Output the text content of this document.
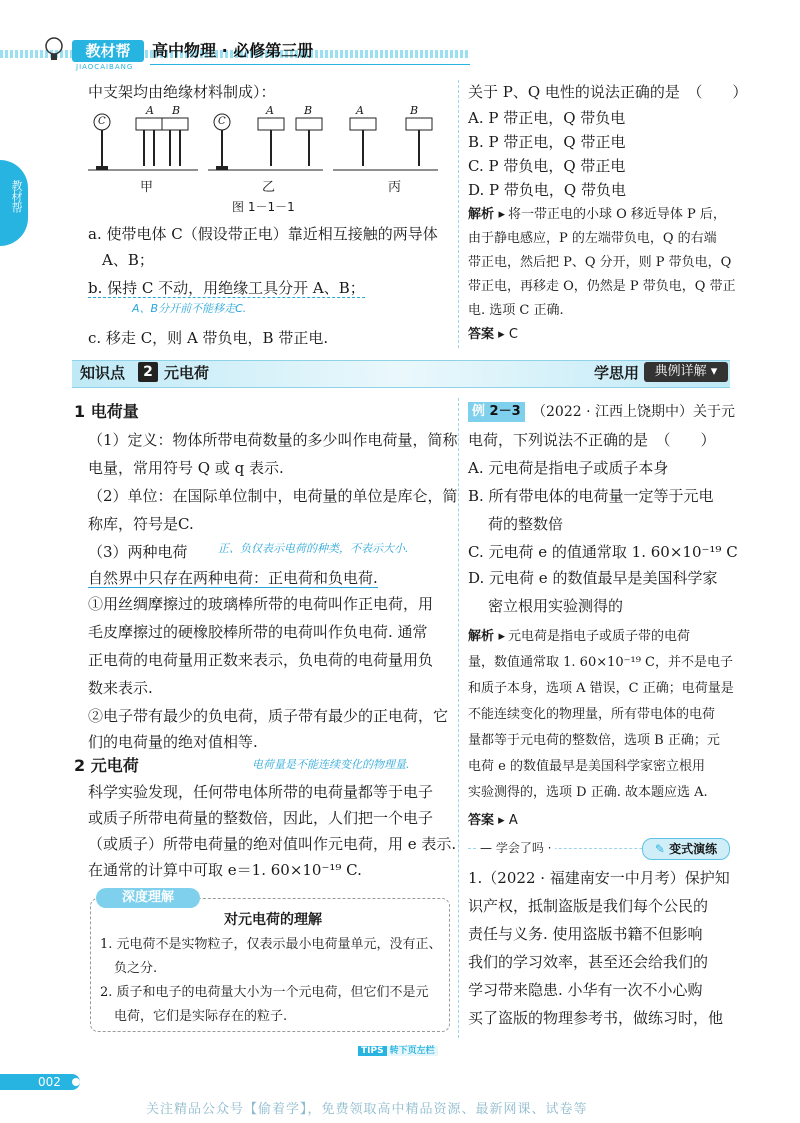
教材帮
JIAOCAIBANG
高中物理 · 必修第三册
教材帮
中支架均由绝缘材料制成）：
A B
C
A	B
C
A	B
甲	乙	丙
图 1－1－1
a. 使带电体 C（假设带正电）靠近相互接触的两导体
A、B；
b. 保持 C 不动，用绝缘工具分开 A、B；
A、B分开前不能移走C.
c. 移走 C，则 A 带负电，B 带正电.
关于 P、Q 电性的说法正确的是　（　　）
A. P 带正电，Q 带负电
B. P 带正电，Q 带正电
C. P 带负电，Q 带正电
D. P 带负电，Q 带负电
解析 ▸ 将一带正电的小球 O 移近导体 P 后，
由于静电感应，P 的左端带负电，Q 的右端
带正电，然后把 P、Q 分开，则 P 带负电，Q
带正电，再移走 O，仍然是 P 带负电，Q 带正
电. 选项 C 正确.
答案 ▸ C
知识点	2 元电荷	学思用	典例详解 ▾
1 电荷量
（1）定义：物体所带电荷数量的多少叫作电荷量，简称
电量，常用符号 Q 或 q 表示.
（2）单位：在国际单位制中，电荷量的单位是库仑，简
称库，符号是C.
（3）两种电荷	正、负仅表示电荷的种类，不表示大小.
自然界中只存在两种电荷：正电荷和负电荷.
①用丝绸摩擦过的玻璃棒所带的电荷叫作正电荷，用
毛皮摩擦过的硬橡胶棒所带的电荷叫作负电荷. 通常
正电荷的电荷量用正数来表示，负电荷的电荷量用负
数来表示.
②电子带有最少的负电荷，质子带有最少的正电荷，它
们的电荷量的绝对值相等.
2 元电荷	电荷量是不能连续变化的物理量.
科学实验发现，任何带电体所带的电荷量都等于电子
或质子所带电荷量的整数倍，因此，人们把一个电子
（或质子）所带电荷量的绝对值叫作元电荷，用 e 表示.
在通常的计算中可取 e＝1. 60×10⁻¹⁹ C.
深度理解
对元电荷的理解
1. 元电荷不是实物粒子，仅表示最小电荷量单元，没有正、
负之分.
2. 质子和电子的电荷量大小为一个元电荷，但它们不是元
电荷，它们是实际存在的粒子.
例 2－3 （2022 · 江西上饶期中）关于元
电荷，下列说法不正确的是　（　　）
A. 元电荷是指电子或质子本身
B. 所有带电体的电荷量一定等于元电
荷的整数倍
C. 元电荷 e 的值通常取 1. 60×10⁻¹⁹ C
D. 元电荷 e 的数值最早是美国科学家
密立根用实验测得的
解析 ▸ 元电荷是指电子或质子带的电荷
量，数值通常取 1. 60×10⁻¹⁹ C，并不是电子
和质子本身，选项 A 错误，C 正确；电荷量是
不能连续变化的物理量，所有带电体的电荷
量都等于元电荷的整数倍，选项 B 正确；元
电荷 e 的数值最早是美国科学家密立根用
实验测得的，选项 D 正确. 故本题应选 A.
答案 ▸ A
— 学会了吗 ·	✎ 变式演练
1.（2022 · 福建南安一中月考）保护知
识产权，抵制盗版是我们每个公民的
责任与义务. 使用盗版书籍不但影响
我们的学习效率，甚至还会给我们的
学习带来隐患. 小华有一次不小心购
买了盗版的物理参考书，做练习时，他
TIPS 转下页左栏
002
关注精品公众号【偷着学】，免费领取高中精品资源、最新网课、试卷等
